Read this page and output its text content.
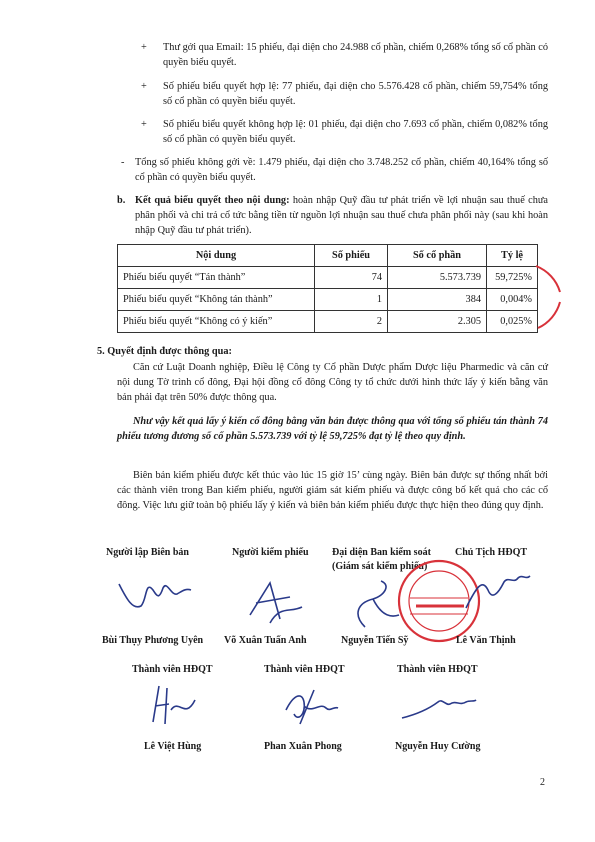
+ Thư gởi qua Email: 15 phiếu, đại diện cho 24.988 cổ phần, chiếm 0,268% tổng số cổ phần có quyền biểu quyết.

+ Số phiếu biểu quyết hợp lệ: 77 phiếu, đại diện cho 5.576.428 cổ phần, chiếm 59,754% tổng số cổ phần có quyền biểu quyết.

+ Số phiếu biểu quyết không hợp lệ: 01 phiếu, đại diện cho 7.693 cổ phần, chiếm 0,082% tổng số cổ phần có quyền biểu quyết.

- Tổng số phiếu không gởi về: 1.479 phiếu, đại diện cho 3.748.252 cổ phần, chiếm 40,164% tổng số cổ phần có quyền biểu quyết.

b. Kết quả biểu quyết theo nội dung: hoàn nhập Quỹ đầu tư phát triển về lợi nhuận sau thuế chưa phân phối và chi trả cổ tức bằng tiền từ nguồn lợi nhuận sau thuế chưa phân phối này (sau khi hoàn nhập Quỹ đầu tư phát triển).

Nội dung	Số phiếu	Số cổ phần	Tỷ lệ
Phiếu biểu quyết “Tán thành”	74	5.573.739	59,725%
Phiếu biểu quyết “Không tán thành”	1	384	0,004%
Phiếu biểu quyết “Không có ý kiến”	2	2.305	0,025%

5. Quyết định được thông qua:

Căn cứ Luật Doanh nghiệp, Điều lệ Công ty Cổ phần Dược phẩm Dược liệu Pharmedic và căn cứ nội dung Tờ trình cổ đông, Đại hội đồng cổ đông Công ty tổ chức dưới hình thức lấy ý kiến bằng văn bản phải đạt trên 50% được thông qua.

Như vậy kết quả lấy ý kiến cổ đông bằng văn bản được thông qua với tổng số phiếu tán thành 74 phiếu tương đương số cổ phần 5.573.739 với tỷ lệ 59,725% đạt tỷ lệ theo quy định.

Biên bản kiểm phiếu được kết thúc vào lúc 15 giờ 15’ cùng ngày. Biên bản được sự thống nhất bởi các thành viên trong Ban kiểm phiếu, người giám sát kiểm phiếu và được công bố kết quả cho các cổ đông. Việc lưu giữ toàn bộ phiếu lấy ý kiến và biên bản kiểm phiếu được thực hiện theo đúng quy định.

Người lập Biên bản	Người kiểm phiếu Đại diện Ban kiểm soát
(Giám sát kiểm phiếu)
Chủ Tịch HĐQT
Bùi Thụy Phương Uyên Võ Xuân Tuấn Anh	Nguyễn Tiến Sỹ	Lê Văn Thịnh
Thành viên HĐQT	Thành viên HĐQT	Thành viên HĐQT
Lê Việt Hùng	Phan Xuân Phong	Nguyễn Huy Cường
2
